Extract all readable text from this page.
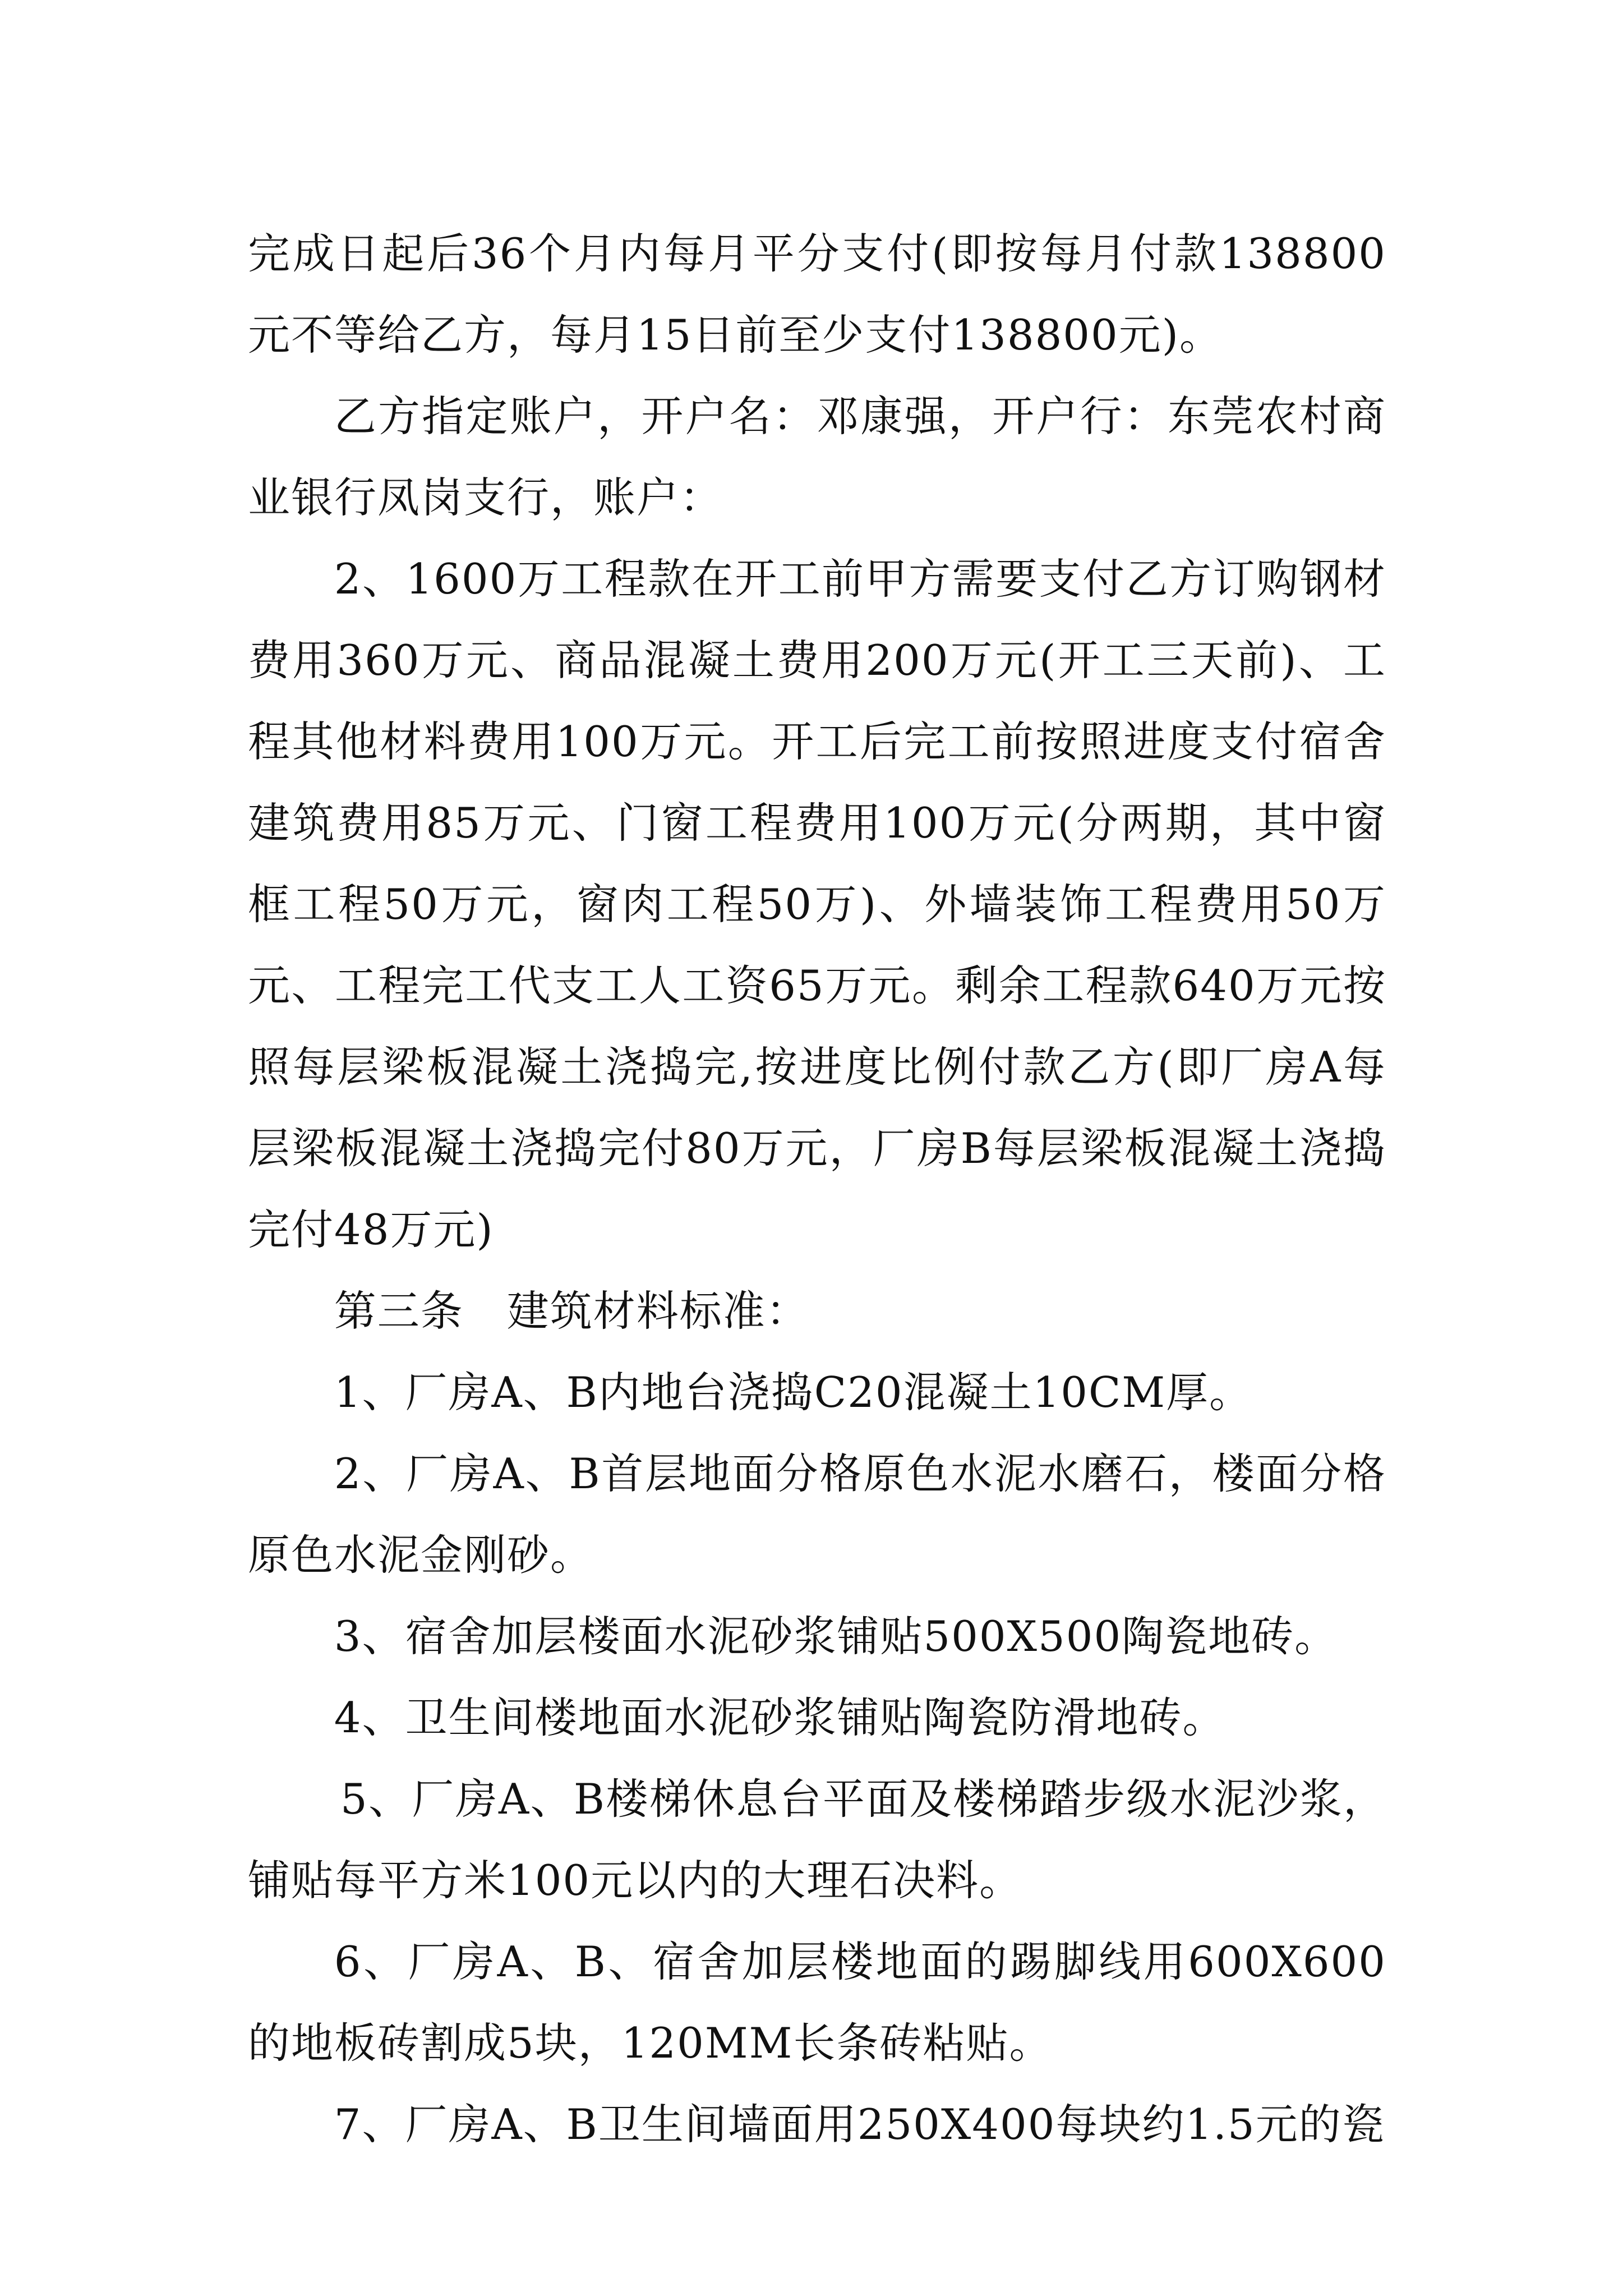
完成日起后36个月内每月平分支付(即按每月付款138800元不等给乙方，每月15日前至少支付138800元)。

乙方指定账户，开户名：邓康强，开户行：东莞农村商业银行凤岗支行，账户：

2、1600万工程款在开工前甲方需要支付乙方订购钢材费用360万元、商品混凝土费用200万元(开工三天前)、工程其他材料费用100万元。开工后完工前按照进度支付宿舍建筑费用85万元、门窗工程费用100万元(分两期，其中窗框工程50万元，窗肉工程50万)、外墙装饰工程费用50万元、工程完工代支工人工资65万元。剩余工程款640万元按照每层梁板混凝土浇捣完,按进度比例付款乙方(即厂房A每层梁板混凝土浇捣完付80万元，厂房B每层梁板混凝土浇捣完付48万元)

第三条　建筑材料标准：

1、厂房A、B内地台浇捣C20混凝土10CM厚。

2、厂房A、B首层地面分格原色水泥水磨石，楼面分格原色水泥金刚砂。

3、宿舍加层楼面水泥砂浆铺贴500X500陶瓷地砖。

4、卫生间楼地面水泥砂浆铺贴陶瓷防滑地砖。

5、厂房A、B楼梯休息台平面及楼梯踏步级水泥沙浆，铺贴每平方米100元以内的大理石决料。

6、厂房A、B、宿舍加层楼地面的踢脚线用600X600的地板砖割成5块，120MM长条砖粘贴。

7、厂房A、B卫生间墙面用250X400每块约1.5元的瓷
